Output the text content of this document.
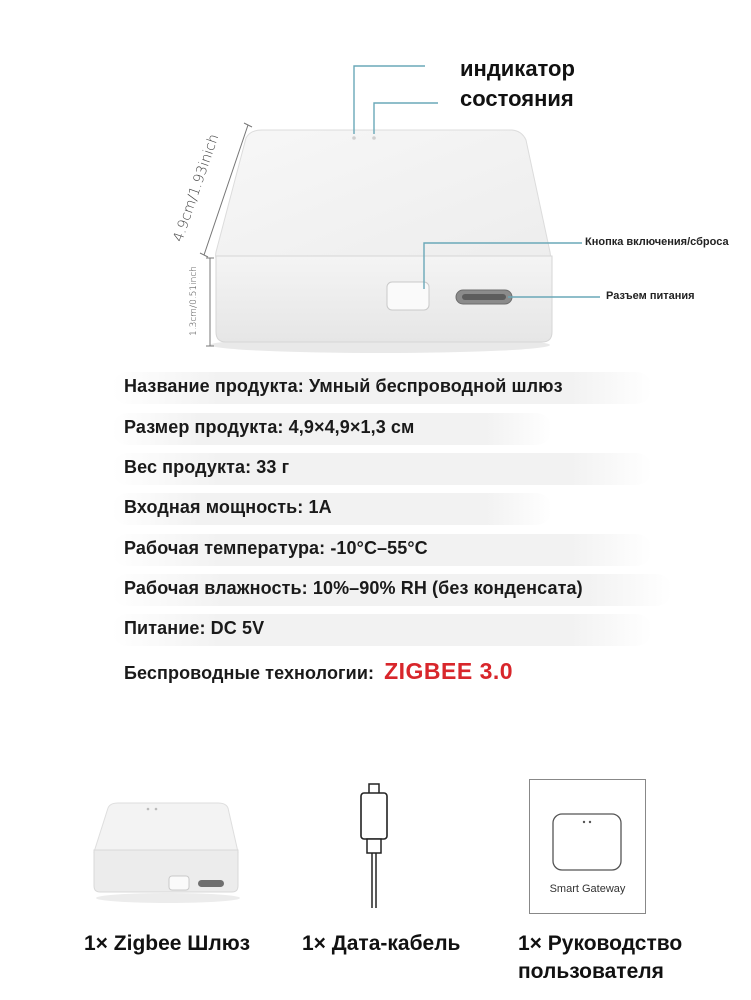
индикатор
состояния
Кнопка включения/сброса
Разъем питания
4.9cm/1.93inich
1.3cm/0.51inch
Название продукта: Умный беспроводной шлюз
Размер продукта: 4,9×4,9×1,3 см
Вес продукта: 33 г
Входная мощность: 1A
Рабочая температура: -10°C–55°C
Рабочая влажность: 10%–90% RH (без конденсата)
Питание: DC 5V
Беспроводные технологии: ZIGBEE 3.0
1× Zigbee Шлюз 1× Дата-кабель
Smart Gateway
1× Руководство
пользователя
